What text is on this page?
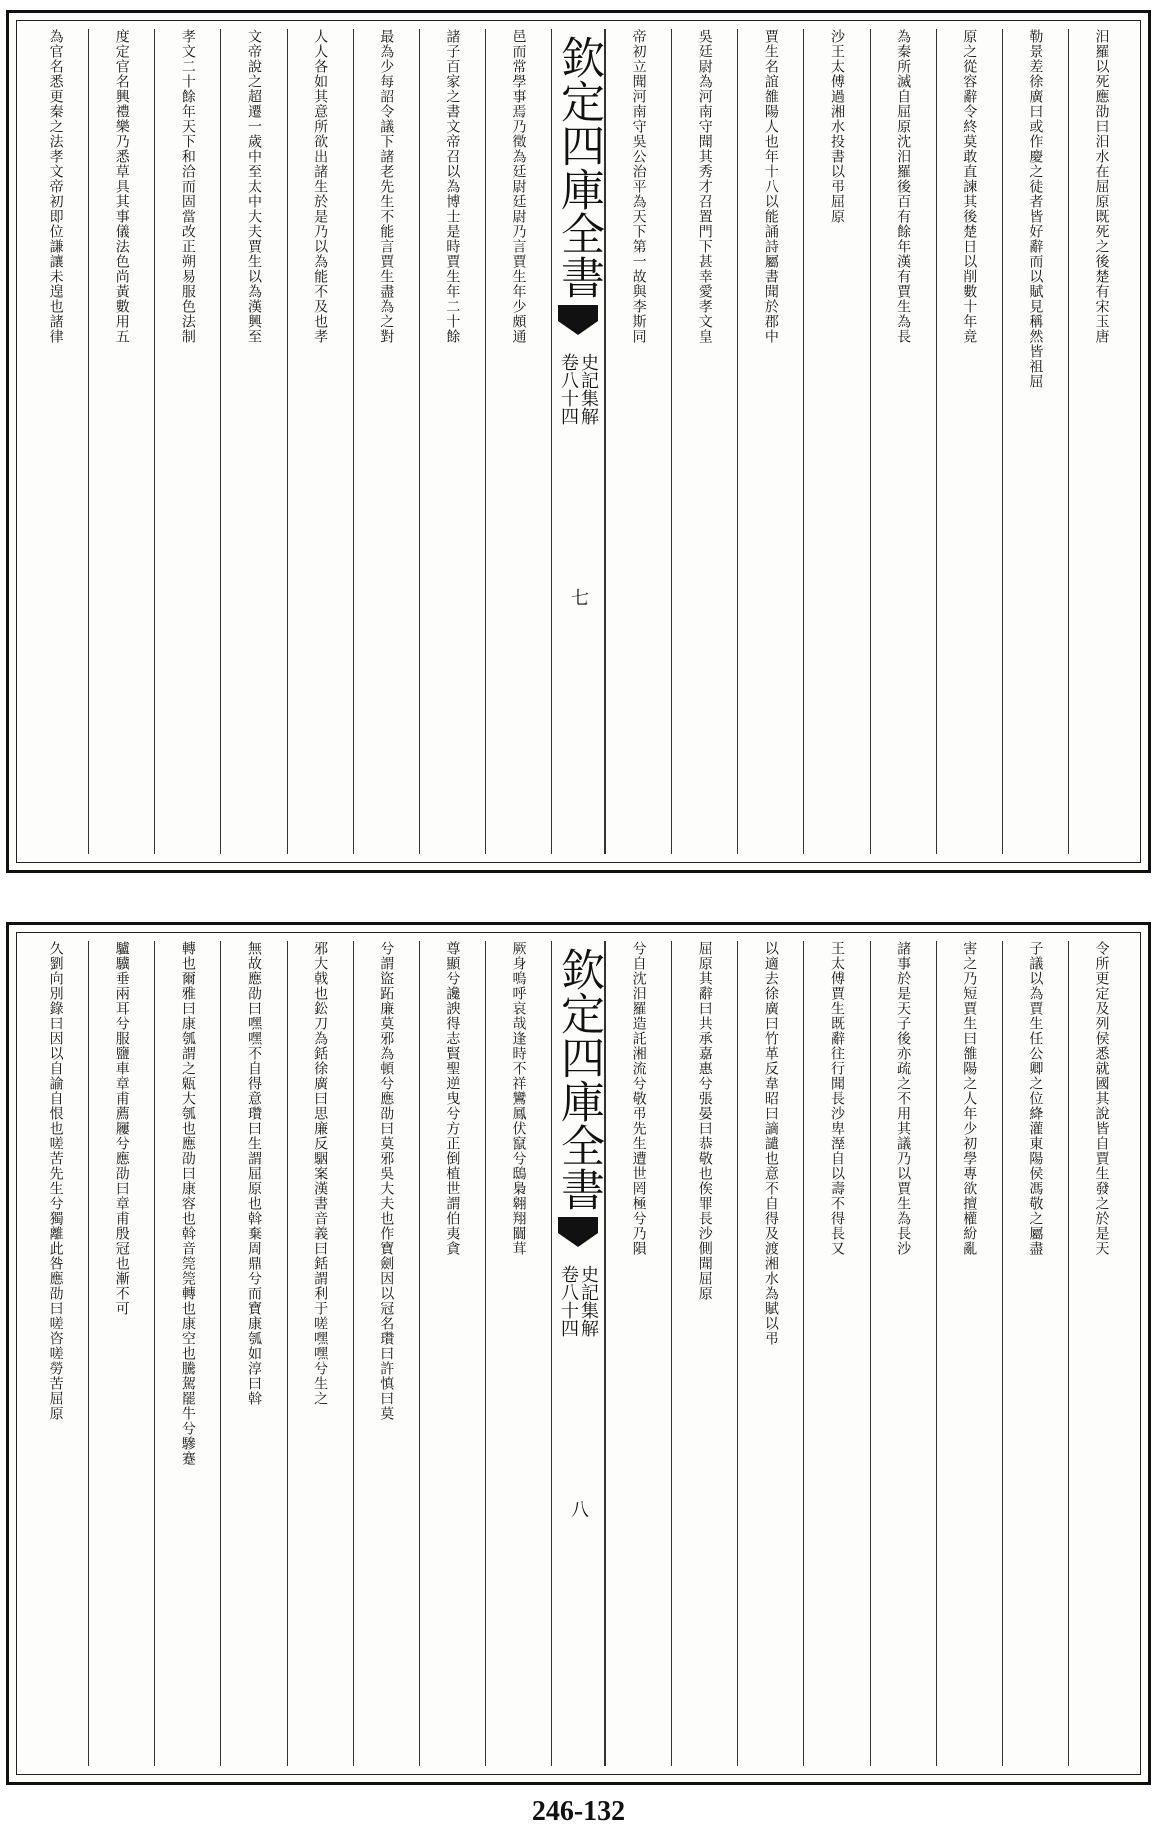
汨羅以死應劭曰汨水在屈原既死之後楚有宋玉唐
勒景差徐廣曰或作慶之徒者皆好辭而以賦見稱然皆祖屈
原之從容辭令終莫敢直諫其後楚日以削數十年竟
為秦所滅自屈原沈汨羅後百有餘年漢有賈生為長
沙王太傅過湘水投書以弔屈原
賈生名誼雒陽人也年十八以能誦詩屬書聞於郡中
吳廷尉為河南守聞其秀才召置門下甚幸愛孝文皇
帝初立聞河南守吳公治平為天下第一故與李斯同
欽定四庫全書
史記集解
卷八十四
七
邑而常學事焉乃徵為廷尉廷尉乃言賈生年少頗通
諸子百家之書文帝召以為博士是時賈生年二十餘
最為少每詔令議下諸老先生不能言賈生盡為之對
人人各如其意所欲出諸生於是乃以為能不及也孝
文帝說之超遷一歲中至太中大夫賈生以為漢興至
孝文二十餘年天下和洽而固當改正朔易服色法制
度定官名興禮樂乃悉草具其事儀法色尚黃數用五
為官名悉更秦之法孝文帝初即位謙讓未遑也諸律
令所更定及列侯悉就國其說皆自賈生發之於是天
子議以為賈生任公卿之位絳灌東陽侯馮敬之屬盡
害之乃短賈生曰雒陽之人年少初學專欲擅權紛亂
諸事於是天子後亦疏之不用其議乃以賈生為長沙
王太傅賈生既辭往行聞長沙卑溼自以壽不得長又
以適去徐廣曰竹革反韋昭曰謫譴也意不自得及渡湘水為賦以弔
屈原其辭曰共承嘉惠兮張晏曰恭敬也俟罪長沙側聞屈原
兮自沈汨羅造託湘流兮敬弔先生遭世罔極兮乃隕
欽定四庫全書
史記集解
卷八十四
八
厥身嗚呼哀哉逢時不祥鸞鳳伏竄兮鴟梟翱翔闒茸
尊顯兮讒諛得志賢聖逆曳兮方正倒植世謂伯夷貪
兮謂盜跖廉莫邪為頓兮應劭曰莫邪吳大夫也作寶劍因以冠名瓚曰許慎曰莫
邪大戟也鈆刀為銛徐廣曰思廉反駰案漢書音義曰銛謂利于嗟嘿嘿兮生之
無故應劭曰嘿嘿不自得意瓚曰生謂屈原也斡棄周鼎兮而寶康瓠如淳曰斡
轉也爾雅曰康瓠謂之甈大瓠也應劭曰康容也斡音筦筦轉也康空也騰駕罷牛兮驂蹇
驢驥垂兩耳兮服鹽車章甫薦屨兮應劭曰章甫殷冠也漸不可
久劉向別錄曰因以自諭自恨也嗟苦先生兮獨離此咎應劭曰嗟咨嗟勞苦屈原
246-132
